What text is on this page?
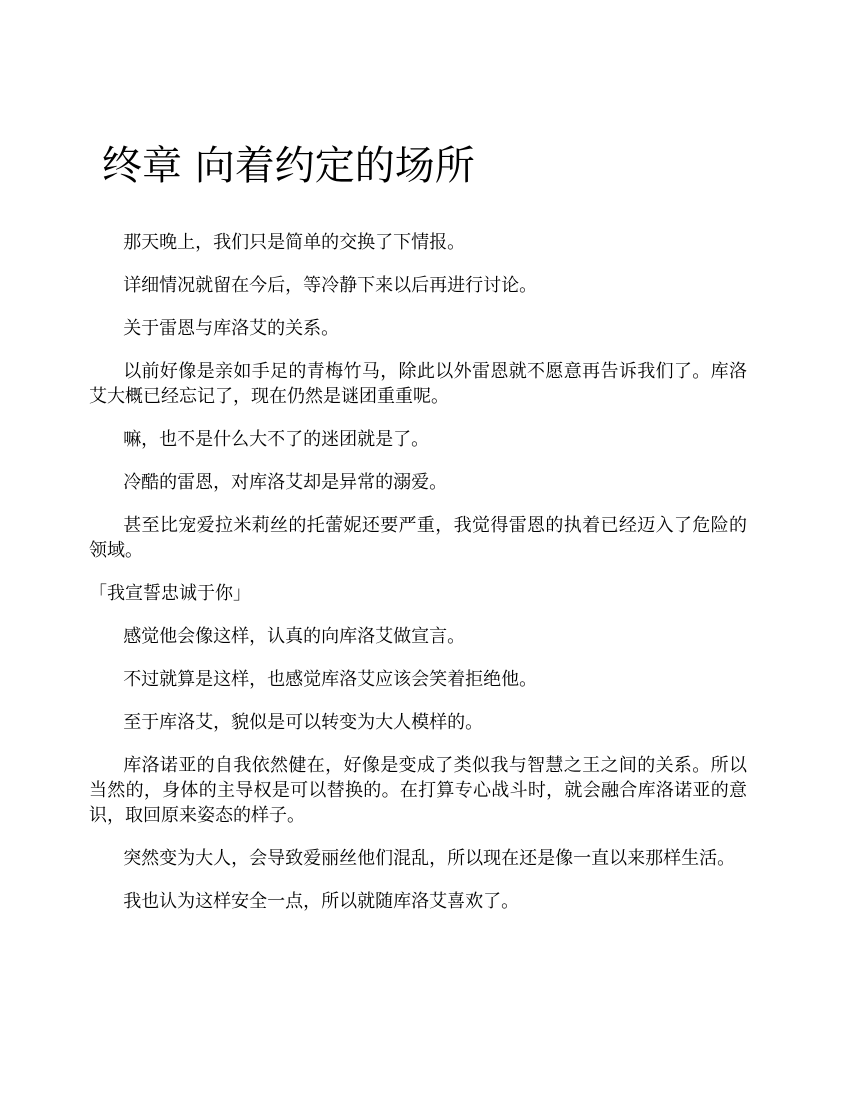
终章 向着约定的场所

那天晚上，我们只是简单的交换了下情报。

详细情况就留在今后，等冷静下来以后再进行讨论。

关于雷恩与库洛艾的关系。

以前好像是亲如手足的青梅竹马，除此以外雷恩就不愿意再告诉我们了。库洛艾大概已经忘记了，现在仍然是谜团重重呢。

嘛，也不是什么大不了的迷团就是了。

冷酷的雷恩，对库洛艾却是异常的溺爱。

甚至比宠爱拉米莉丝的托蕾妮还要严重，我觉得雷恩的执着已经迈入了危险的领域。

「我宣誓忠诚于你」

感觉他会像这样，认真的向库洛艾做宣言。

不过就算是这样，也感觉库洛艾应该会笑着拒绝他。

至于库洛艾，貌似是可以转变为大人模样的。

库洛诺亚的自我依然健在，好像是变成了类似我与智慧之王之间的关系。所以当然的，身体的主导权是可以替换的。在打算专心战斗时，就会融合库洛诺亚的意识，取回原来姿态的样子。

突然变为大人，会导致爱丽丝他们混乱，所以现在还是像一直以来那样生活。

我也认为这样安全一点，所以就随库洛艾喜欢了。
